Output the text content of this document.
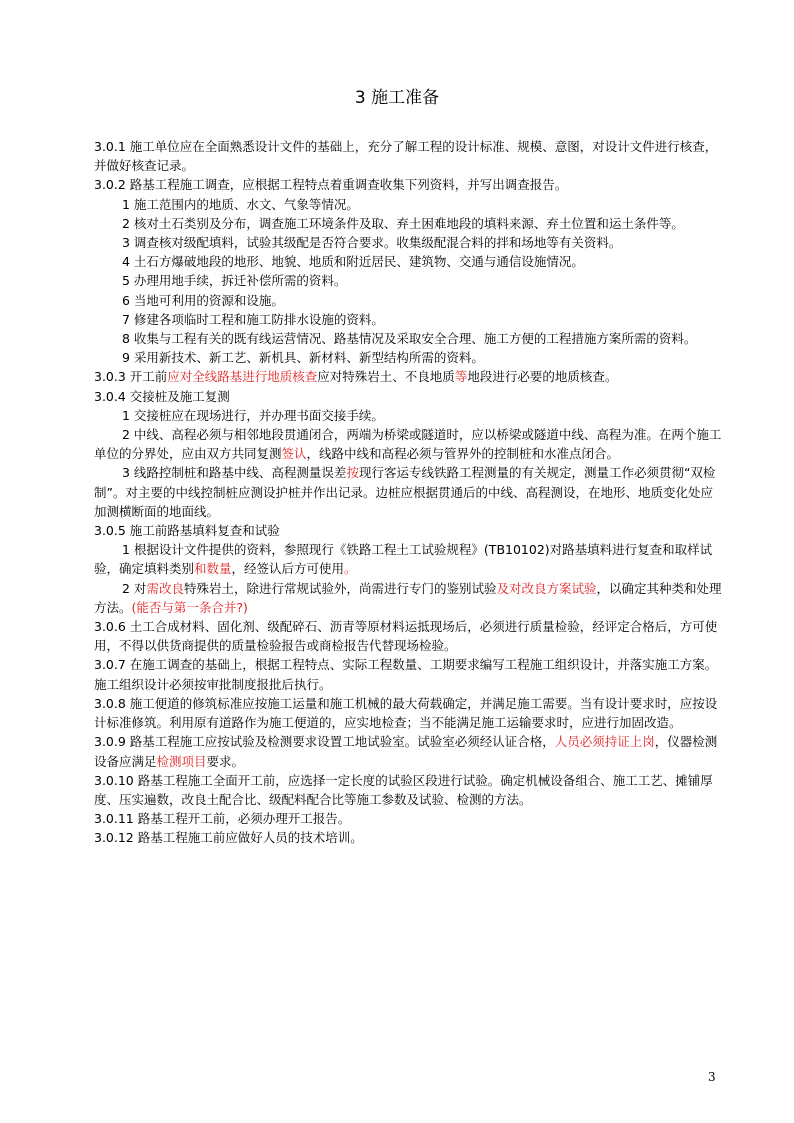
3 施工准备
3.0.1 施工单位应在全面熟悉设计文件的基础上，充分了解工程的设计标准、规模、意图，对设计文件进行核查，并做好核查记录。
3.0.2 路基工程施工调查，应根据工程特点着重调查收集下列资料，并写出调查报告。
1 施工范围内的地质、水文、气象等情况。
2 核对土石类别及分布，调查施工环境条件及取、弃土困难地段的填料来源、弃土位置和运土条件等。
3 调查核对级配填料，试验其级配是否符合要求。收集级配混合料的拌和场地等有关资料。
4 土石方爆破地段的地形、地貌、地质和附近居民、建筑物、交通与通信设施情况。
5 办理用地手续，拆迁补偿所需的资料。
6 当地可利用的资源和设施。
7 修建各项临时工程和施工防排水设施的资料。
8 收集与工程有关的既有线运营情况、路基情况及采取安全合理、施工方便的工程措施方案所需的资料。
9 采用新技术、新工艺、新机具、新材料、新型结构所需的资料。
3.0.3 开工前应对全线路基进行地质核查应对特殊岩土、不良地质等地段进行必要的地质核查。
3.0.4 交接桩及施工复测
1 交接桩应在现场进行，并办理书面交接手续。
2 中线、高程必须与相邻地段贯通闭合，两端为桥梁或隧道时，应以桥梁或隧道中线、高程为准。在两个施工单位的分界处，应由双方共同复测签认，线路中线和高程必须与管界外的控制桩和水准点闭合。
3 线路控制桩和路基中线、高程测量误差按现行客运专线铁路工程测量的有关规定，测量工作必须贯彻“双检制”。对主要的中线控制桩应测设护桩并作出记录。边桩应根据贯通后的中线、高程测设，在地形、地质变化处应加测横断面的地面线。
3.0.5 施工前路基填料复查和试验
1 根据设计文件提供的资料，参照现行《铁路工程土工试验规程》(TB10102)对路基填料进行复查和取样试验，确定填料类别和数量，经签认后方可使用。
2 对需改良特殊岩土，除进行常规试验外，尚需进行专门的鉴别试验及对改良方案试验，以确定其种类和处理方法。(能否与第一条合并?)
3.0.6 土工合成材料、固化剂、级配碎石、沥青等原材料运抵现场后，必须进行质量检验，经评定合格后，方可使用，不得以供货商提供的质量检验报告或商检报告代替现场检验。
3.0.7 在施工调查的基础上，根据工程特点、实际工程数量、工期要求编写工程施工组织设计，并落实施工方案。施工组织设计必须按审批制度报批后执行。
3.0.8 施工便道的修筑标准应按施工运量和施工机械的最大荷载确定，并满足施工需要。当有设计要求时，应按设计标准修筑。利用原有道路作为施工便道的，应实地检查；当不能满足施工运输要求时，应进行加固改造。
3.0.9 路基工程施工应按试验及检测要求设置工地试验室。试验室必须经认证合格，人员必须持证上岗，仪器检测设备应满足检测项目要求。
3.0.10 路基工程施工全面开工前，应选择一定长度的试验区段进行试验。确定机械设备组合、施工工艺、摊铺厚度、压实遍数，改良土配合比、级配料配合比等施工参数及试验、检测的方法。
3.0.11 路基工程开工前，必须办理开工报告。
3.0.12 路基工程施工前应做好人员的技术培训。
3
